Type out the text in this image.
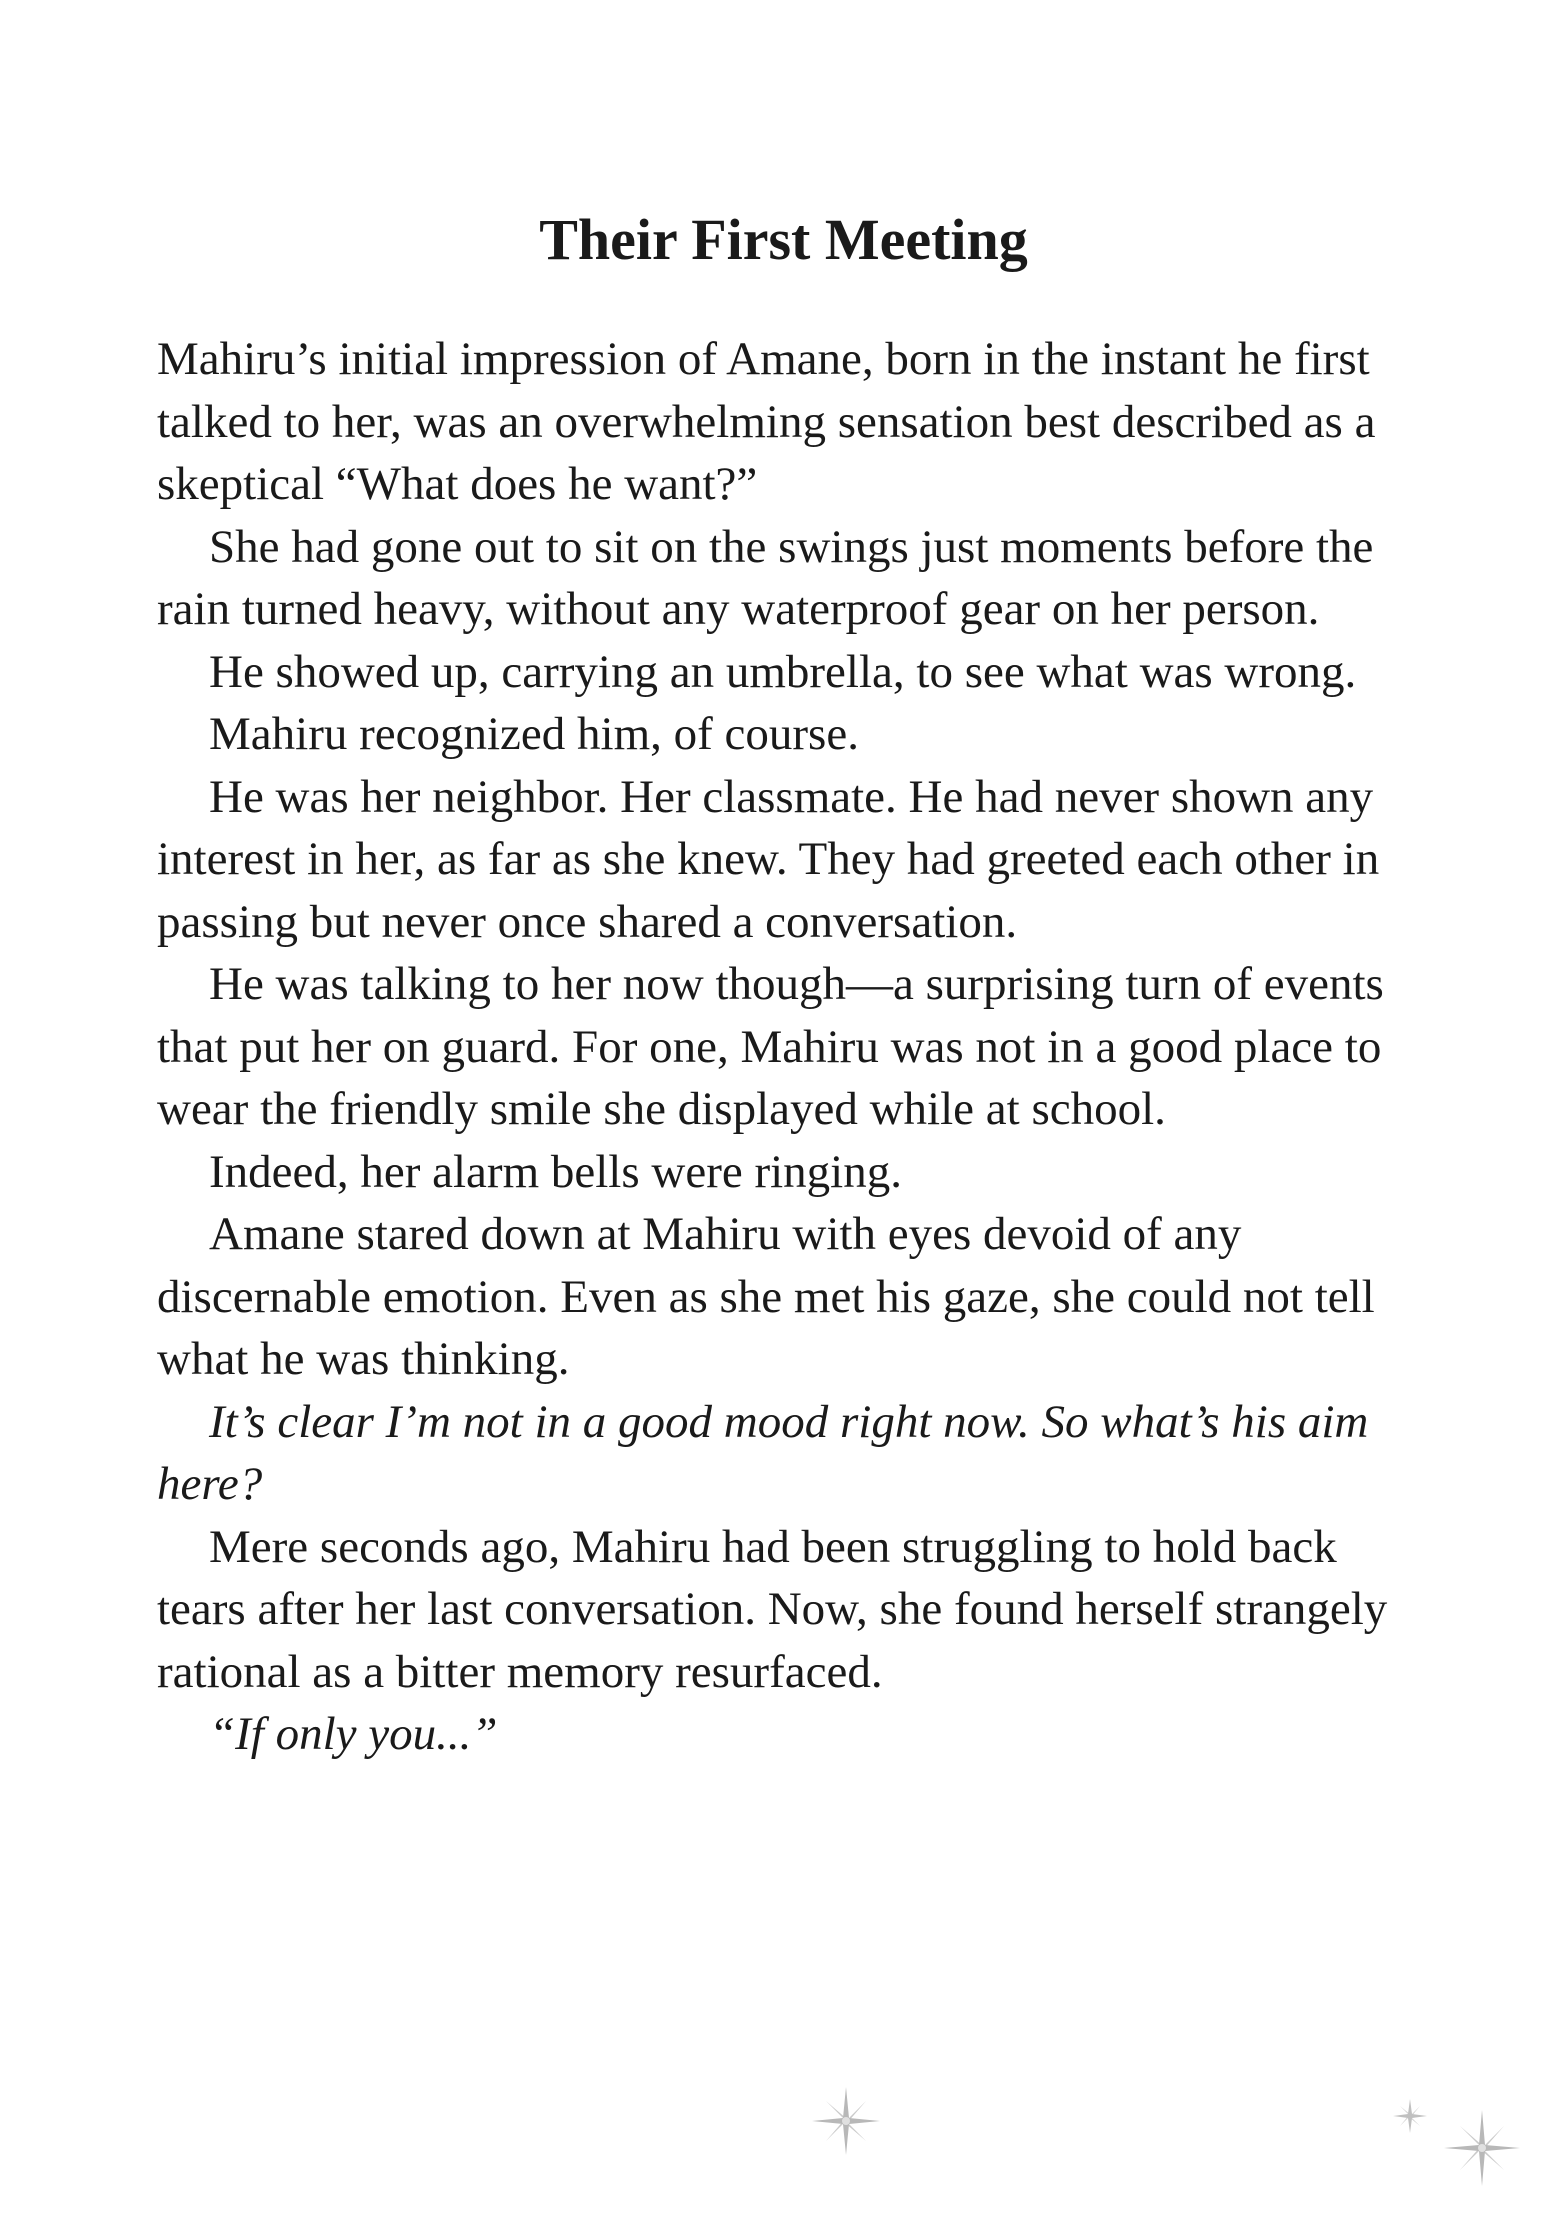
Their First Meeting

Mahiru’s initial impression of Amane, born in the instant he first talked to her, was an overwhelming sensation best described as a skeptical “What does he want?”

She had gone out to sit on the swings just moments before the rain turned heavy, without any waterproof gear on her person.

He showed up, carrying an umbrella, to see what was wrong.

Mahiru recognized him, of course.

He was her neighbor. Her classmate. He had never shown any interest in her, as far as she knew. They had greeted each other in passing but never once shared a conversation.

He was talking to her now though—a surprising turn of events that put her on guard. For one, Mahiru was not in a good place to wear the friendly smile she displayed while at school.

Indeed, her alarm bells were ringing.

Amane stared down at Mahiru with eyes devoid of any discernable emotion. Even as she met his gaze, she could not tell what he was thinking.

It’s clear I’m not in a good mood right now. So what’s his aim here?

Mere seconds ago, Mahiru had been struggling to hold back tears after her last conversation. Now, she found herself strangely rational as a bitter memory resurfaced.

“If only you...”
